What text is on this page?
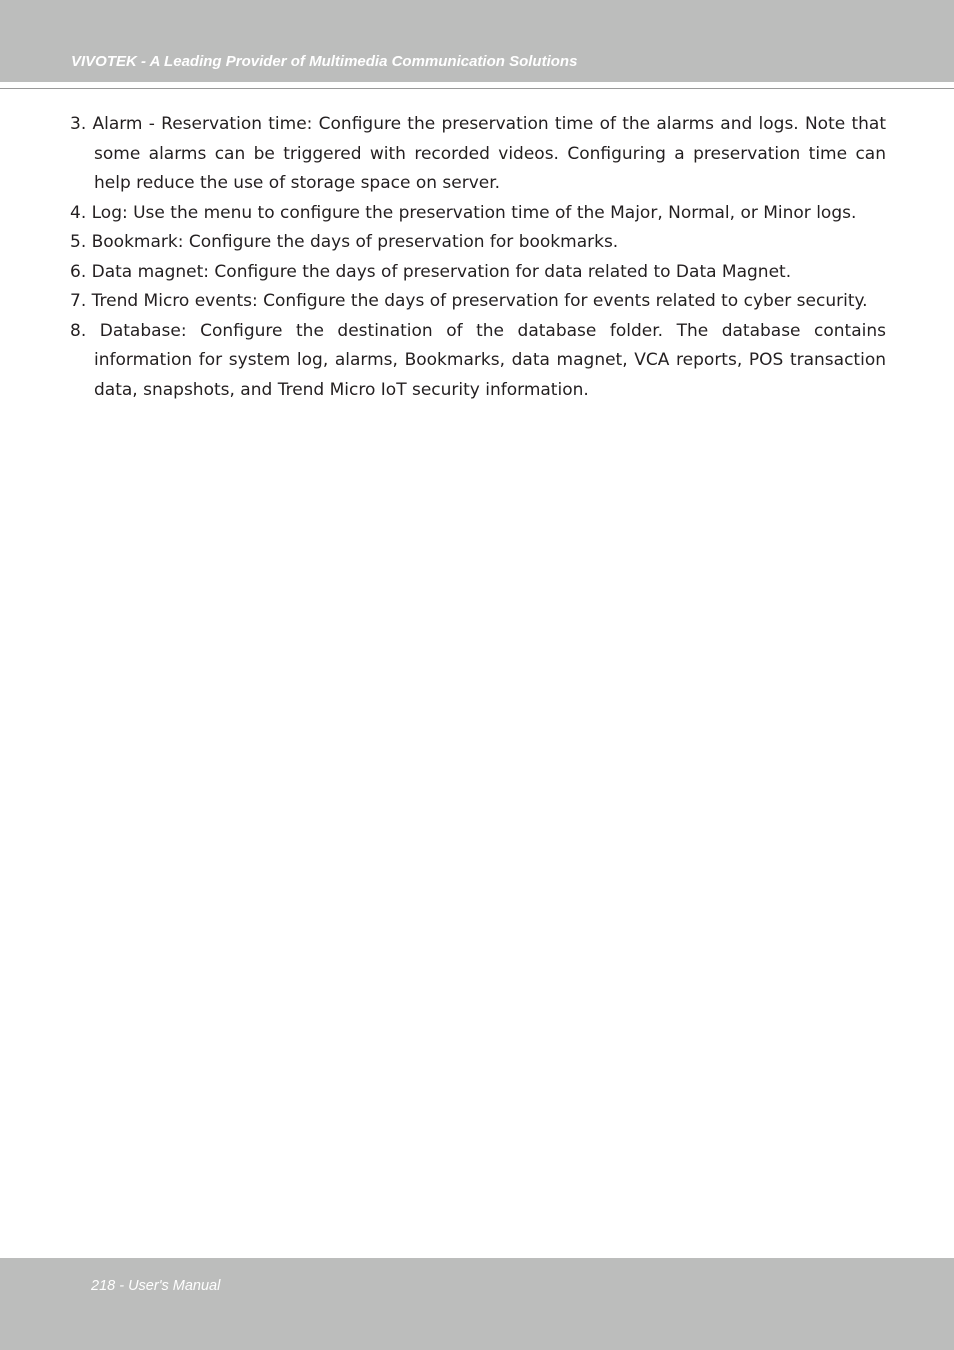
VIVOTEK - A Leading Provider of Multimedia Communication Solutions

3. Alarm - Reservation time: Configure the preservation time of the alarms and logs. Note that some alarms can be triggered with recorded videos. Configuring a preservation time can help reduce the use of storage space on server.

4. Log: Use the menu to configure the preservation time of the Major, Normal, or Minor logs.

5. Bookmark: Configure the days of preservation for bookmarks.

6. Data magnet: Configure the days of preservation for data related to Data Magnet.

7. Trend Micro events: Configure the days of preservation for events related to cyber security.

8. Database: Configure the destination of the database folder. The database contains information for system log, alarms, Bookmarks, data magnet, VCA reports, POS transaction data, snapshots, and Trend Micro IoT security information.

218 - User's Manual
